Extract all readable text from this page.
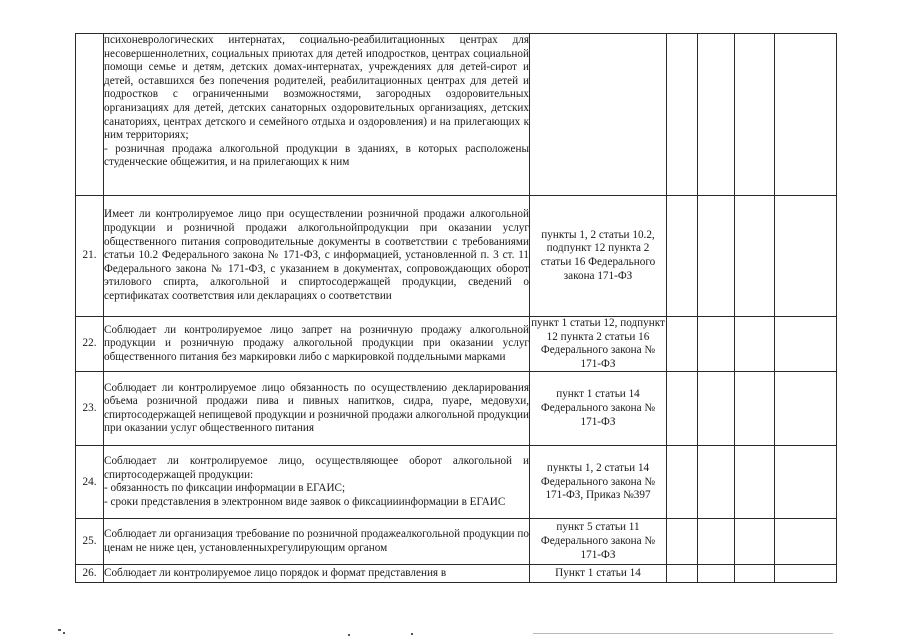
	психоневрологических интернатах, социально-реабилитационных центрах для несовершеннолетних, социальных приютах для детей иподростков, центрах социальной помощи семье и детям, детских домах-интернатах, учреждениях для детей-сирот и детей, оставшихся без попечения родителей, реабилитационных центрах для детей и подростков с ограниченными возможностями, загородных оздоровительных организациях для детей, детских санаторных оздоровительных организациях, детских санаториях, центрах детского и семейного отдыха и оздоровления) и на прилегающих к ним территориях;
- розничная продажа алкогольной продукции в зданиях, в которых расположены студенческие общежития, и на прилегающих к ним					
21.	Имеет ли контролируемое лицо при осуществлении розничной продажи алкогольной продукции и розничной продажи алкогольнойпродукции при оказании услуг общественного питания сопроводительные документы в соответствии с требованиями статьи 10.2 Федерального закона № 171-ФЗ, с информацией, установленной п. 3 ст. 11 Федерального закона № 171-ФЗ, с указанием в документах, сопровождающих оборот этилового спирта, алкогольной и спиртосодержащей продукции, сведений о сертификатах соответствия или декларациях о соответствии	пункты 1, 2 статьи 10.2, подпункт 12 пункта 2 статьи 16 Федерального закона 171-ФЗ				
22.	Соблюдает ли контролируемое лицо запрет на розничную продажу алкогольной продукции и розничную продажу алкогольной продукции при оказании услуг общественного питания без маркировки либо с маркировкой поддельными марками	пункт 1 статьи 12, подпункт 12 пункта 2 статьи 16 Федерального закона № 171-ФЗ				
23.	Соблюдает ли контролируемое лицо обязанность по осуществлению декларирования объема розничной продажи пива и пивных напитков, сидра, пуаре, медовухи, спиртосодержащей непищевой продукции и розничной продажи алкогольной продукции при оказании услуг общественного питания	пункт 1 статьи 14 Федерального закона № 171-ФЗ				
24.	Соблюдает ли контролируемое лицо, осуществляющее оборот алкогольной и спиртосодержащей продукции:
- обязанность по фиксации информации в ЕГАИС;
- сроки представления в электронном виде заявок о фиксацииинформации в ЕГАИС	пункты 1, 2 статьи 14 Федерального закона № 171-ФЗ, Приказ №397				
25.	Соблюдает ли организация требование по розничной продажеалкогольной продукции по ценам не ниже цен, установленныхрегулирующим органом	пункт 5 статьи 11 Федерального закона № 171-ФЗ				
26.	Соблюдает ли контролируемое лицо порядок и формат представления в	Пункт 1 статьи 14				
